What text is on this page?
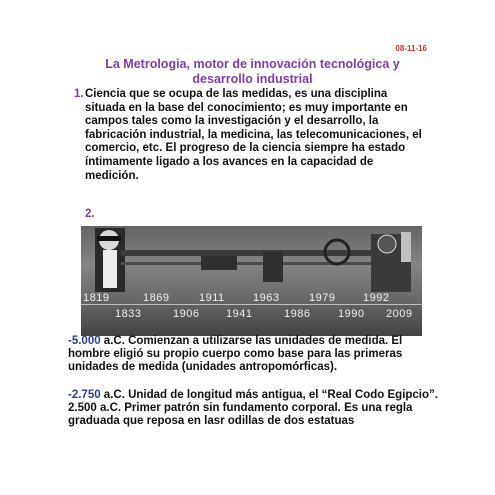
08-11-16
La Metrologia, motor de innovación tecnológica y
desarrollo industrial
1. Ciencia que se ocupa de las medidas, es una disciplina situada en la base del conocimiento; es muy importante en campos tales como la investigación y el desarrollo, la fabricación industrial, la medicina, las telecomunicaciones, el comercio, etc. El progreso de la ciencia siempre ha estado íntimamente ligado a los avances en la capacidad de medición.
2.
1819	1869	1911	1963	1979	1992
1833	1906 1941	1986	1990 2009
-5.000 a.C. Comienzan a utilizarse las unidades de medida. El hombre eligió su propio cuerpo como base para las primeras unidades de medida (unidades antropomórficas).
-2.750 a.C. Unidad de longitud más antigua, el “Real Codo Egipcio”.
2.500 a.C. Primer patrón sin fundamento corporal. Es una regla graduada que reposa en lasr odillas de dos estatuas
